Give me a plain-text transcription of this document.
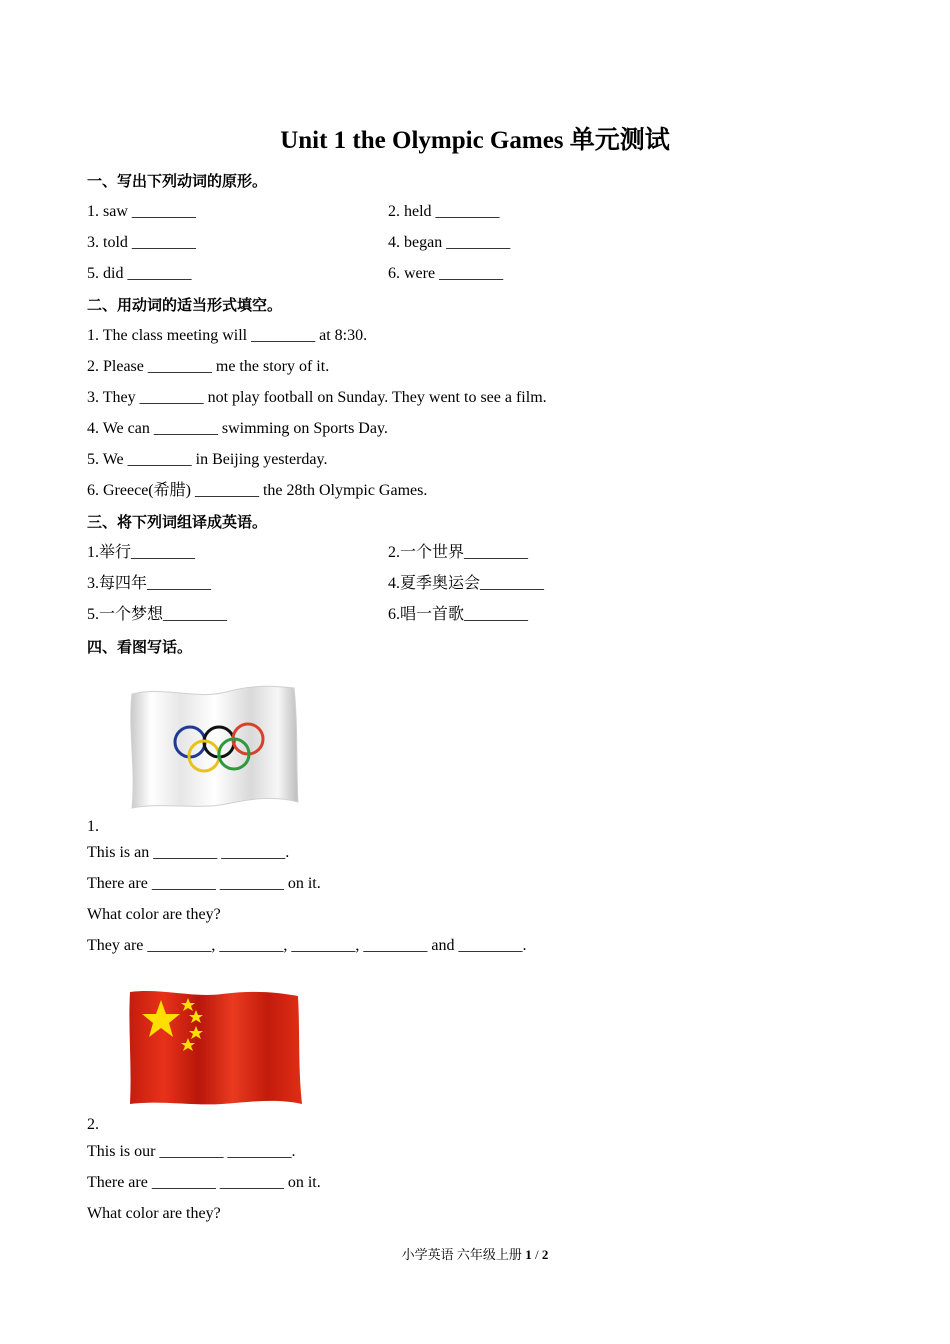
Unit 1 the Olympic Games 单元测试
一、写出下列动词的原形。
1. saw ________	2. held ________
3. told ________	4. began ________
5. did ________	6. were ________
二、用动词的适当形式填空。
1. The class meeting will ________ at 8:30.
2. Please ________ me the story of it.
3. They ________ not play football on Sunday. They went to see a film.
4. We can ________ swimming on Sports Day.
5. We ________ in Beijing yesterday.
6. Greece(希腊) ________ the 28th Olympic Games.
三、将下列词组译成英语。
1.举行________	2.一个世界________
3.每四年________	4.夏季奥运会________
5.一个梦想________	6.唱一首歌________
四、看图写话。
1.
This is an ________ ________.
There are ________ ________ on it.
What color are they?
They are ________, ________, ________, ________ and ________.
2.
This is our ________ ________.
There are ________ ________ on it.
What color are they?
小学英语 六年级上册 1 / 2
